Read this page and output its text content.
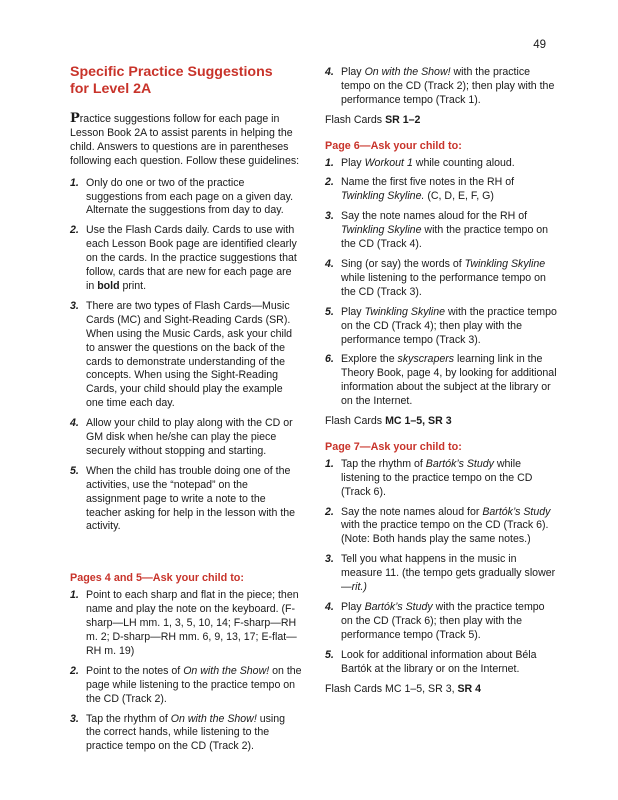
49
Specific Practice Suggestions
for Level 2A

Practice suggestions follow for each page in Lesson Book 2A to assist parents in helping the child. Answers to questions are in parentheses following each question. Follow these guidelines:

1. Only do one or two of the practice suggestions from each page on a given day. Alternate the suggestions from day to day.
2. Use the Flash Cards daily. Cards to use with each Lesson Book page are identified clearly on the cards. In the practice suggestions that follow, cards that are new for each page are in bold print.
3. There are two types of Flash Cards—Music Cards (MC) and Sight-Reading Cards (SR). When using the Music Cards, ask your child to answer the questions on the back of the cards to demonstrate understanding of the concepts. When using the Sight-Reading Cards, your child should play the example one time each day.
4. Allow your child to play along with the CD or GM disk when he/she can play the piece securely without stopping and starting.
5. When the child has trouble doing one of the activities, use the “notepad” on the assignment page to write a note to the teacher asking for help in the lesson with the activity.
Pages 4 and 5—Ask your child to:
1. Point to each sharp and flat in the piece; then name and play the note on the keyboard. (F-sharp—LH mm. 1, 3, 5, 10, 14; F-sharp—RH m. 2; D-sharp—RH mm. 6, 9, 13, 17; E-flat—RH m. 19)
2. Point to the notes of On with the Show! on the page while listening to the practice tempo on the CD (Track 2).
3. Tap the rhythm of On with the Show! using the correct hands, while listening to the practice tempo on the CD (Track 2).
4. Play On with the Show! with the practice tempo on the CD (Track 2); then play with the performance tempo (Track 1).

Flash Cards SR 1–2

Page 6—Ask your child to:
1. Play Workout 1 while counting aloud.
2. Name the first five notes in the RH of Twinkling Skyline. (C, D, E, F, G)
3. Say the note names aloud for the RH of Twinkling Skyline with the practice tempo on the CD (Track 4).
4. Sing (or say) the words of Twinkling Skyline while listening to the performance tempo on the CD (Track 3).
5. Play Twinkling Skyline with the practice tempo on the CD (Track 4); then play with the performance tempo (Track 3).
6. Explore the skyscrapers learning link in the Theory Book, page 4, by looking for additional information about the subject at the library or on the Internet.

Flash Cards MC 1–5, SR 3

Page 7—Ask your child to:
1. Tap the rhythm of Bartók’s Study while listening to the practice tempo on the CD (Track 6).
2. Say the note names aloud for Bartók’s Study with the practice tempo on the CD (Track 6). (Note: Both hands play the same notes.)
3. Tell you what happens in the music in measure 11. (the tempo gets gradually slower—rit.)
4. Play Bartók’s Study with the practice tempo on the CD (Track 6); then play with the performance tempo (Track 5).
5. Look for additional information about Béla Bartók at the library or on the Internet.

Flash Cards MC 1–5, SR 3, SR 4
